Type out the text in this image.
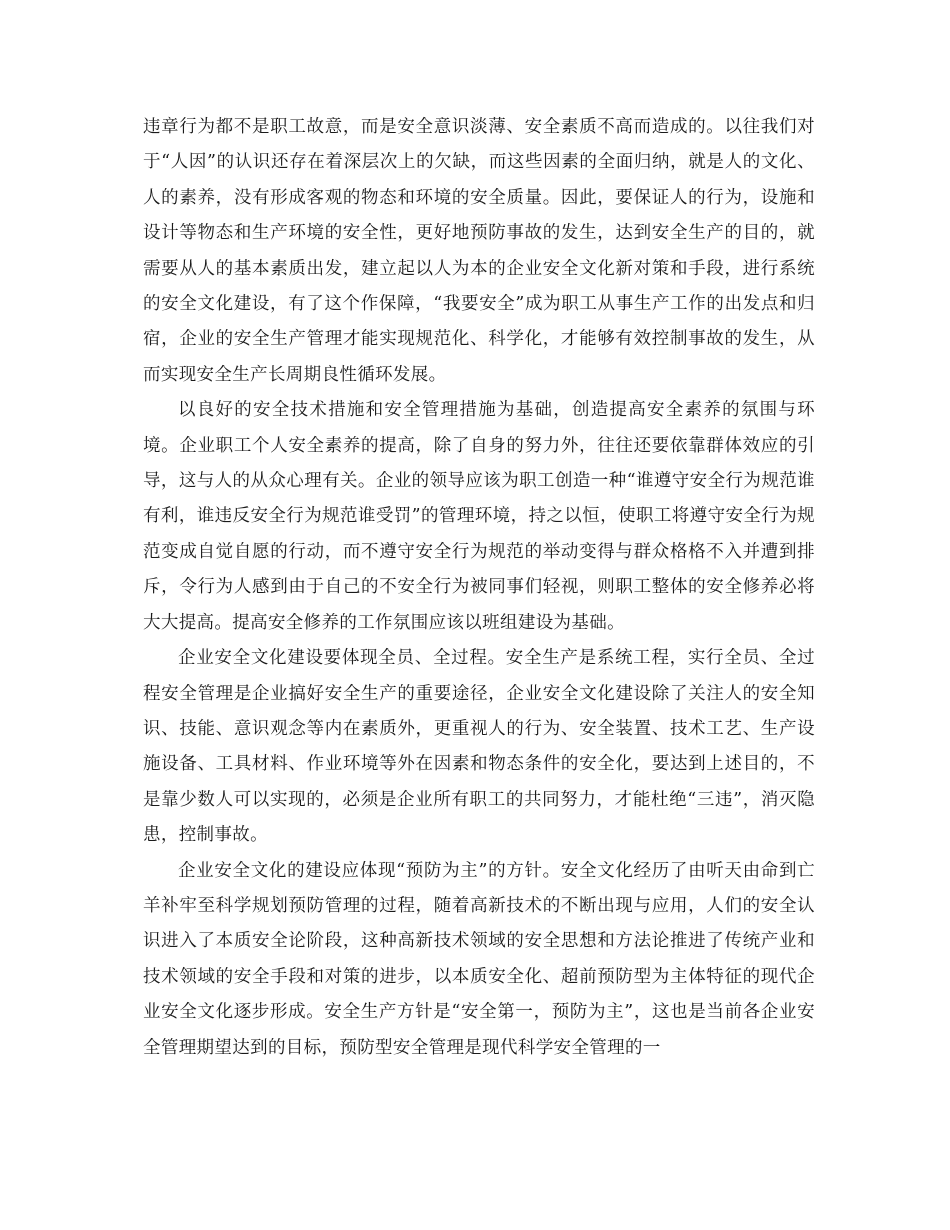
违章行为都不是职工故意，而是安全意识淡薄、安全素质不高而造成的。以往我们对于“人因”的认识还存在着深层次上的欠缺，而这些因素的全面归纳，就是人的文化、人的素养，没有形成客观的物态和环境的安全质量。因此，要保证人的行为，设施和设计等物态和生产环境的安全性，更好地预防事故的发生，达到安全生产的目的，就需要从人的基本素质出发，建立起以人为本的企业安全文化新对策和手段，进行系统的安全文化建设，有了这个作保障，“我要安全”成为职工从事生产工作的出发点和归宿，企业的安全生产管理才能实现规范化、科学化，才能够有效控制事故的发生，从而实现安全生产长周期良性循环发展。

以良好的安全技术措施和安全管理措施为基础，创造提高安全素养的氛围与环境。企业职工个人安全素养的提高，除了自身的努力外，往往还要依靠群体效应的引导，这与人的从众心理有关。企业的领导应该为职工创造一种“谁遵守安全行为规范谁有利，谁违反安全行为规范谁受罚”的管理环境，持之以恒，使职工将遵守安全行为规范变成自觉自愿的行动，而不遵守安全行为规范的举动变得与群众格格不入并遭到排斥，令行为人感到由于自己的不安全行为被同事们轻视，则职工整体的安全修养必将大大提高。提高安全修养的工作氛围应该以班组建设为基础。

企业安全文化建设要体现全员、全过程。安全生产是系统工程，实行全员、全过程安全管理是企业搞好安全生产的重要途径，企业安全文化建设除了关注人的安全知识、技能、意识观念等内在素质外，更重视人的行为、安全装置、技术工艺、生产设施设备、工具材料、作业环境等外在因素和物态条件的安全化，要达到上述目的，不是靠少数人可以实现的，必须是企业所有职工的共同努力，才能杜绝“三违”，消灭隐患，控制事故。

企业安全文化的建设应体现“预防为主”的方针。安全文化经历了由听天由命到亡羊补牢至科学规划预防管理的过程，随着高新技术的不断出现与应用，人们的安全认识进入了本质安全论阶段，这种高新技术领域的安全思想和方法论推进了传统产业和技术领域的安全手段和对策的进步，以本质安全化、超前预防型为主体特征的现代企业安全文化逐步形成。安全生产方针是“安全第一，预防为主”，这也是当前各企业安全管理期望达到的目标，预防型安全管理是现代科学安全管理的一
